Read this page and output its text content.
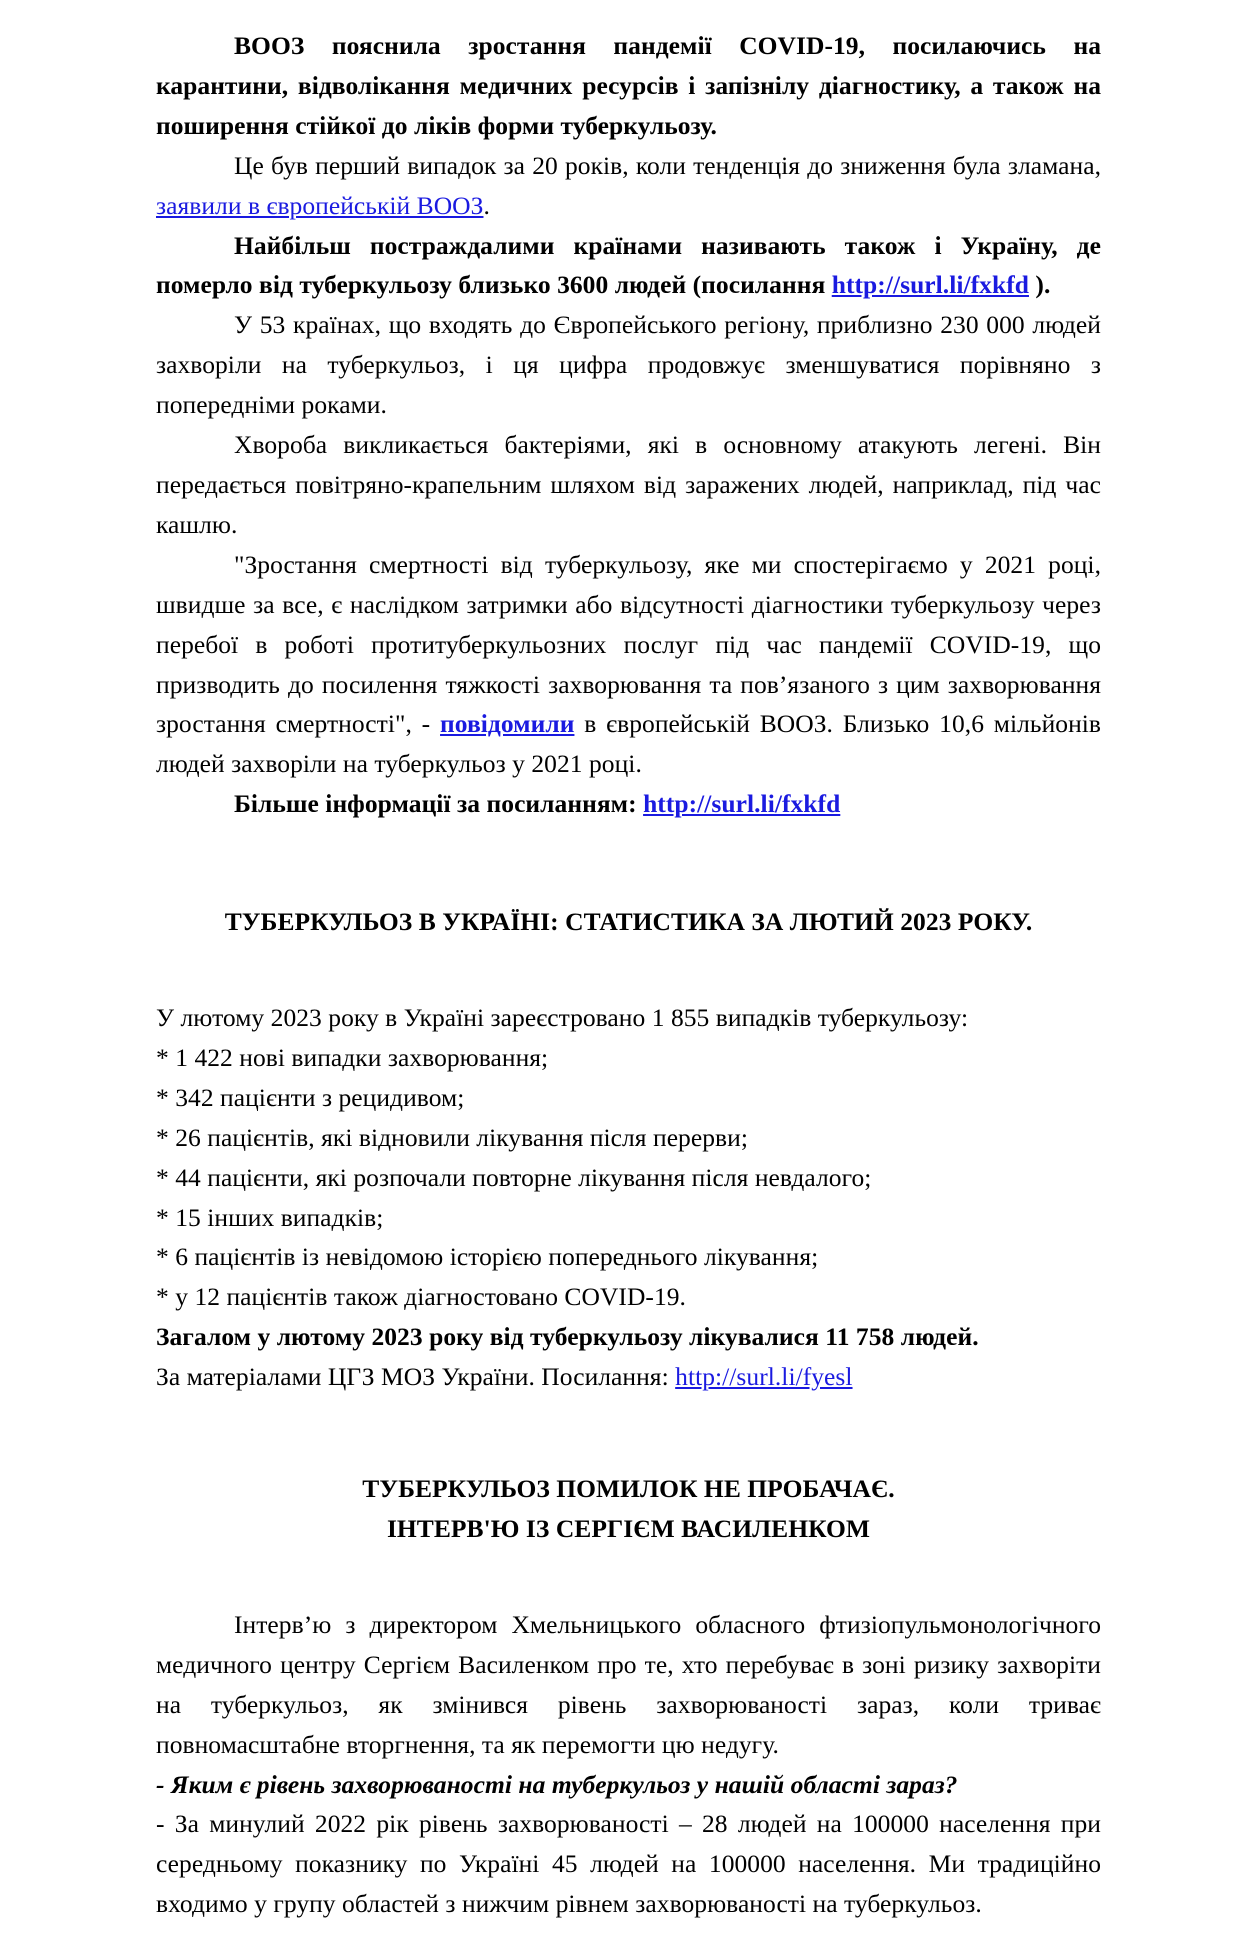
ВООЗ пояснила зростання пандемії COVID-19, посилаючись на карантини, відволікання медичних ресурсів і запізнілу діагностику, а також на поширення стійкої до ліків форми туберкульозу.

Це був перший випадок за 20 років, коли тенденція до зниження була зламана, заявили в європейській ВООЗ.

Найбільш постраждалими країнами називають також і Україну, де померло від туберкульозу близько 3600 людей (посилання http://surl.li/fxkfd ).

У 53 країнах, що входять до Європейського регіону, приблизно 230 000 людей захворіли на туберкульоз, і ця цифра продовжує зменшуватися порівняно з попередніми роками.

Хвороба викликається бактеріями, які в основному атакують легені. Він передається повітряно-крапельним шляхом від заражених людей, наприклад, під час кашлю.

"Зростання смертності від туберкульозу, яке ми спостерігаємо у 2021 році, швидше за все, є наслідком затримки або відсутності діагностики туберкульозу через перебої в роботі протитуберкульозних послуг під час пандемії COVID-19, що призводить до посилення тяжкості захворювання та пов’язаного з цим захворювання зростання смертності", - повідомили в європейській ВООЗ. Близько 10,6 мільйонів людей захворіли на туберкульоз у 2021 році.

Більше інформації за посиланням: http://surl.li/fxkfd

ТУБЕРКУЛЬОЗ В УКРАЇНІ: СТАТИСТИКА ЗА ЛЮТИЙ 2023 РОКУ.

У лютому 2023 року в Україні зареєстровано 1 855 випадків туберкульозу:

* 1 422 нові випадки захворювання;

* 342 пацієнти з рецидивом;

* 26 пацієнтів, які відновили лікування після перерви;

* 44 пацієнти, які розпочали повторне лікування після невдалого;

* 15 інших випадків;

* 6 пацієнтів із невідомою історією попереднього лікування;

* у 12 пацієнтів також діагностовано COVID-19.

Загалом у лютому 2023 року від туберкульозу лікувалися 11 758 людей.

За матеріалами ЦГЗ МОЗ України. Посилання: http://surl.li/fyesl

ТУБЕРКУЛЬОЗ ПОМИЛОК НЕ ПРОБАЧАЄ.
ІНТЕРВ'Ю ІЗ СЕРГІЄМ ВАСИЛЕНКОМ

Інтерв’ю з директором Хмельницького обласного фтизіопульмонологічного медичного центру Сергієм Василенком про те, хто перебуває в зоні ризику захворіти на туберкульоз, як змінився рівень захворюваності зараз, коли триває повномасштабне вторгнення, та як перемогти цю недугу.

- Яким є рівень захворюваності на туберкульоз у нашій області зараз?

- За минулий 2022 рік рівень захворюваності – 28 людей на 100000 населення при середньому показнику по Україні 45 людей на 100000 населення. Ми традиційно входимо у групу областей з нижчим рівнем захворюваності на туберкульоз.
